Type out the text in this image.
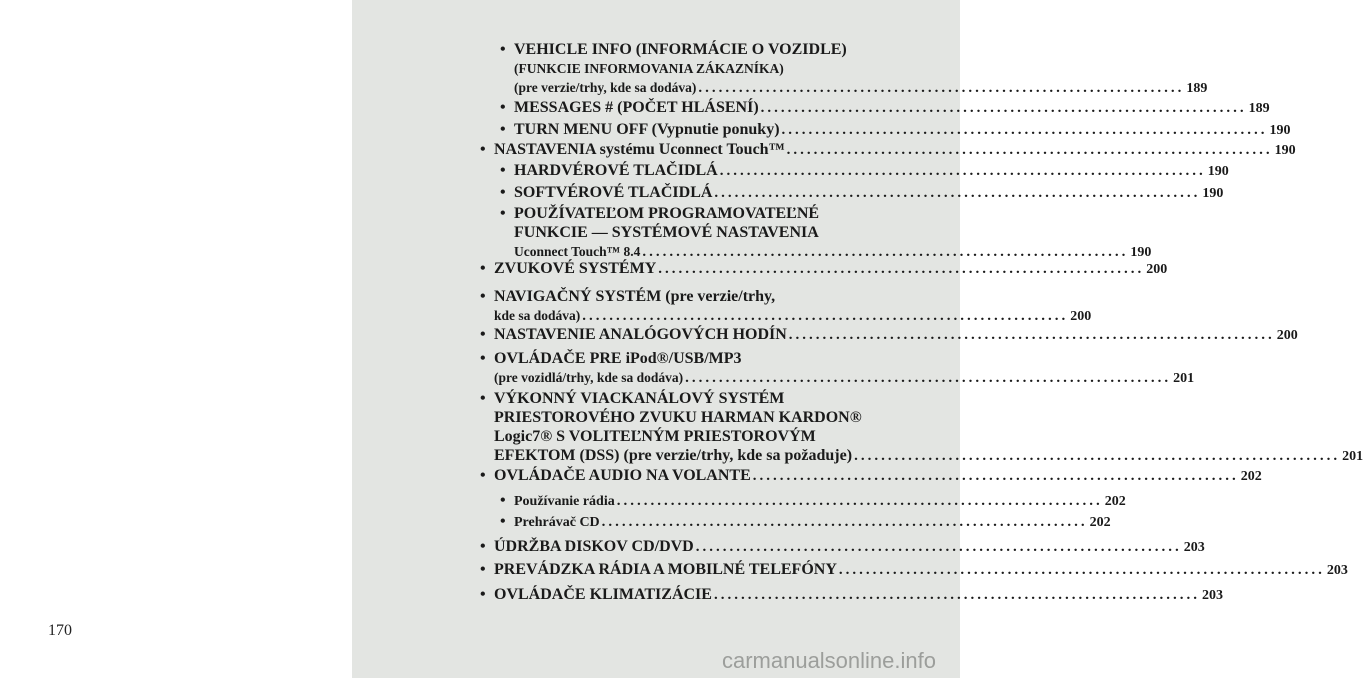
170
• VEHICLE INFO (INFORMÁCIE O VOZIDLE)
(FUNKCIE INFORMOVANIA ZÁKAZNÍKA)
(pre verzie/trhy, kde sa dodáva) ........................................................................ 189
• MESSAGES # (POČET HLÁSENÍ) ........................................................................ 189
• TURN MENU OFF (Vypnutie ponuky) ........................................................................ 190
• NASTAVENIA systému Uconnect Touch™ ........................................................................ 190
• HARDVÉROVÉ TLAČIDLÁ ........................................................................ 190
• SOFTVÉROVÉ TLAČIDLÁ ........................................................................ 190
• POUŽÍVATEĽOM PROGRAMOVATEĽNÉ
FUNKCIE — SYSTÉMOVÉ NASTAVENIA
Uconnect Touch™ 8.4 ........................................................................ 190
• ZVUKOVÉ SYSTÉMY ........................................................................ 200
• NAVIGAČNÝ SYSTÉM (pre verzie/trhy,
kde sa dodáva) ........................................................................ 200
• NASTAVENIE ANALÓGOVÝCH HODÍN ........................................................................ 200
• OVLÁDAČE PRE iPod®/USB/MP3
(pre vozidlá/trhy, kde sa dodáva) ........................................................................ 201
• VÝKONNÝ VIACKANÁLOVÝ SYSTÉM
PRIESTOROVÉHO ZVUKU HARMAN KARDON®
Logic7® S VOLITEĽNÝM PRIESTOROVÝM
EFEKTOM (DSS) (pre verzie/trhy, kde sa požaduje) ........................................................................ 201
• OVLÁDAČE AUDIO NA VOLANTE ........................................................................ 202
• Používanie rádia ........................................................................ 202
• Prehrávač CD ........................................................................ 202
• ÚDRŽBA DISKOV CD/DVD ........................................................................ 203
• PREVÁDZKA RÁDIA A MOBILNÉ TELEFÓNY ........................................................................ 203
• OVLÁDAČE KLIMATIZÁCIE ........................................................................ 203
carmanualsonline.info
